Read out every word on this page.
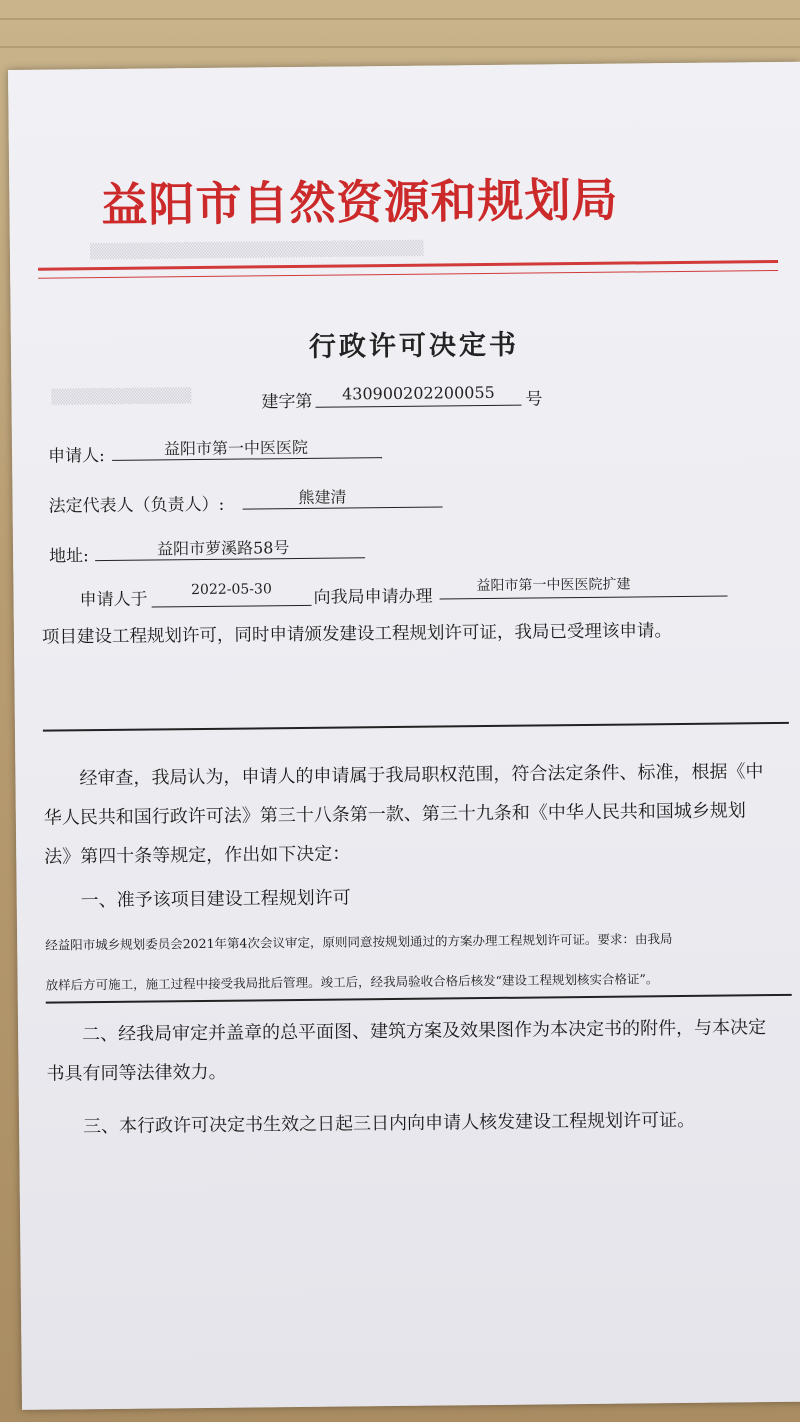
▒▒▒▒▒▒▒▒▒▒▒▒▒▒▒▒▒▒▒▒▒▒▒▒▒▒▒▒▒▒▒
▒▒▒▒▒▒▒▒▒▒▒▒▒
益阳市自然资源和规划局
行政许可决定书
建字第	430900202200055	号
申请人:	益阳市第一中医医院
法定代表人（负责人）:	熊建清
地址:	益阳市萝溪路58号
申请人于	2022-05-30	向我局申请办理
益阳市第一中医医院扩建
项目建设工程规划许可，同时申请颁发建设工程规划许可证，我局已受理该申请。
经审查，我局认为，申请人的申请属于我局职权范围，符合法定条件、标准，根据《中
华人民共和国行政许可法》第三十八条第一款、第三十九条和《中华人民共和国城乡规划
法》第四十条等规定，作出如下决定：
一、准予该项目建设工程规划许可
经益阳市城乡规划委员会2021年第4次会议审定，原则同意按规划通过的方案办理工程规划许可证。要求：由我局
放样后方可施工，施工过程中接受我局批后管理。竣工后，经我局验收合格后核发“建设工程规划核实合格证”。
二、经我局审定并盖章的总平面图、建筑方案及效果图作为本决定书的附件，与本决定
书具有同等法律效力。
三、本行政许可决定书生效之日起三日内向申请人核发建设工程规划许可证。
